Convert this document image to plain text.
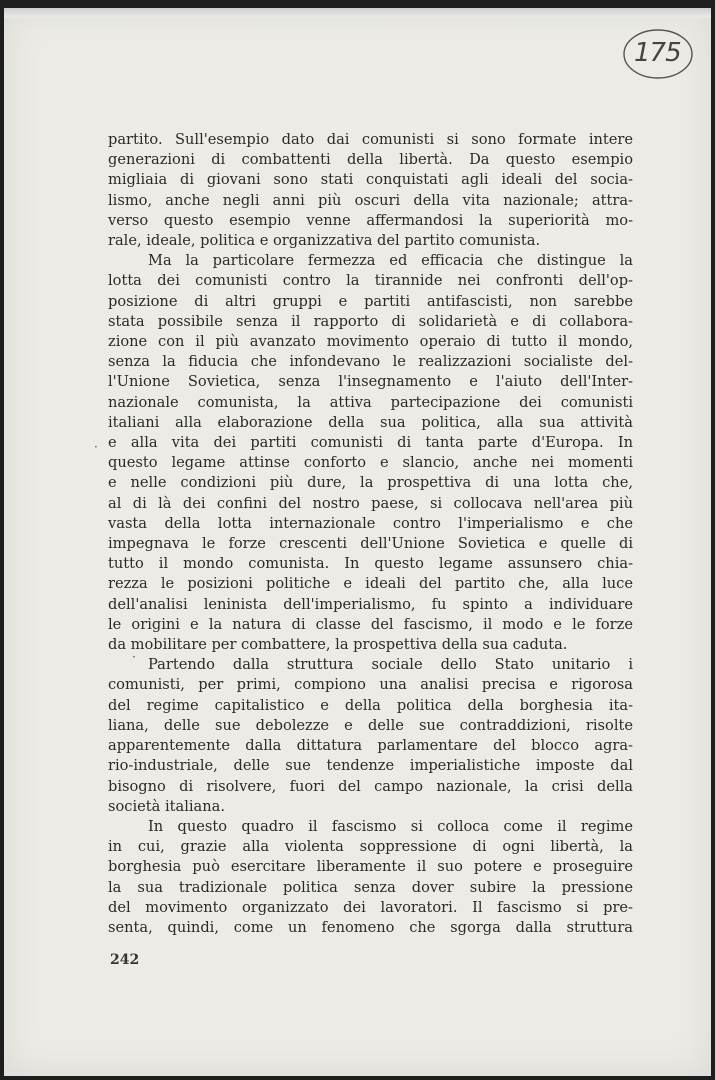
175

partito. Sull'esempio dato dai comunisti si sono formate intere
generazioni di combattenti della libertà. Da questo esempio
migliaia di giovani sono stati conquistati agli ideali del socia-
lismo, anche negli anni più oscuri della vita nazionale; attra-
verso questo esempio venne affermandosi la superiorità mo-
rale, ideale, politica e organizzativa del partito comunista.

Ma la particolare fermezza ed efficacia che distingue la
lotta dei comunisti contro la tirannide nei confronti dell'op-
posizione di altri gruppi e partiti antifascisti, non sarebbe
stata possibile senza il rapporto di solidarietà e di collabora-
zione con il più avanzato movimento operaio di tutto il mondo,
senza la fiducia che infondevano le realizzazioni socialiste del-
l'Unione Sovietica, senza l'insegnamento e l'aiuto dell'Inter-
nazionale comunista, la attiva partecipazione dei comunisti
italiani alla elaborazione della sua politica, alla sua attività
e alla vita dei partiti comunisti di tanta parte d'Europa. In
questo legame attinse conforto e slancio, anche nei momenti
e nelle condizioni più dure, la prospettiva di una lotta che,
al di là dei confini del nostro paese, si collocava nell'area più
vasta della lotta internazionale contro l'imperialismo e che
impegnava le forze crescenti dell'Unione Sovietica e quelle di
tutto il mondo comunista. In questo legame assunsero chia-
rezza le posizioni politiche e ideali del partito che, alla luce
dell'analisi leninista dell'imperialismo, fu spinto a individuare
le origini e la natura di classe del fascismo, il modo e le forze
da mobilitare per combattere, la prospettiva della sua caduta.

Partendo dalla struttura sociale dello Stato unitario i
comunisti, per primi, compiono una analisi precisa e rigorosa
del regime capitalistico e della politica della borghesia ita-
liana, delle sue debolezze e delle sue contraddizioni, risolte
apparentemente dalla dittatura parlamentare del blocco agra-
rio-industriale, delle sue tendenze imperialistiche imposte dal
bisogno di risolvere, fuori del campo nazionale, la crisi della
società italiana.

In questo quadro il fascismo si colloca come il regime
in cui, grazie alla violenta soppressione di ogni libertà, la
borghesia può esercitare liberamente il suo potere e proseguire
la sua tradizionale politica senza dover subire la pressione
del movimento organizzato dei lavoratori. Il fascismo si pre-
senta, quindi, come un fenomeno che sgorga dalla struttura

242
·
·
